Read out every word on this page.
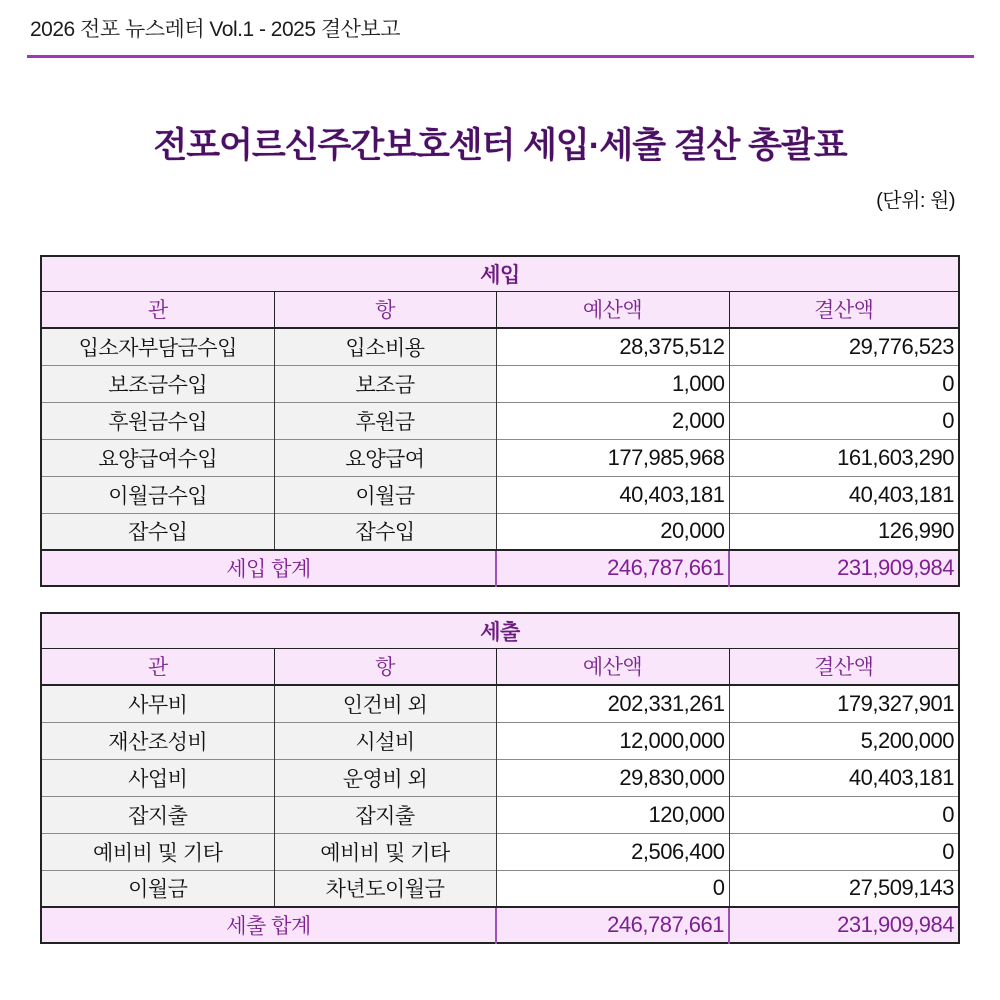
2026 전포 뉴스레터 Vol.1 - 2025 결산보고
전포어르신주간보호센터 세입·세출 결산 총괄표
(단위: 원)
세입			
관	항	예산액	결산액
입소자부담금수입	입소비용	28,375,512	29,776,523
보조금수입	보조금	1,000	0
후원금수입	후원금	2,000	0
요양급여수입	요양급여	177,985,968	161,603,290
이월금수입	이월금	40,403,181	40,403,181
잡수입	잡수입	20,000	126,990
세입 합계		246,787,661	231,909,984
세출			
관	항	예산액	결산액
사무비	인건비 외	202,331,261	179,327,901
재산조성비	시설비	12,000,000	5,200,000
사업비	운영비 외	29,830,000	40,403,181
잡지출	잡지출	120,000	0
예비비 및 기타	예비비 및 기타	2,506,400	0
이월금	차년도이월금	0	27,509,143
세출 합계		246,787,661	231,909,984
